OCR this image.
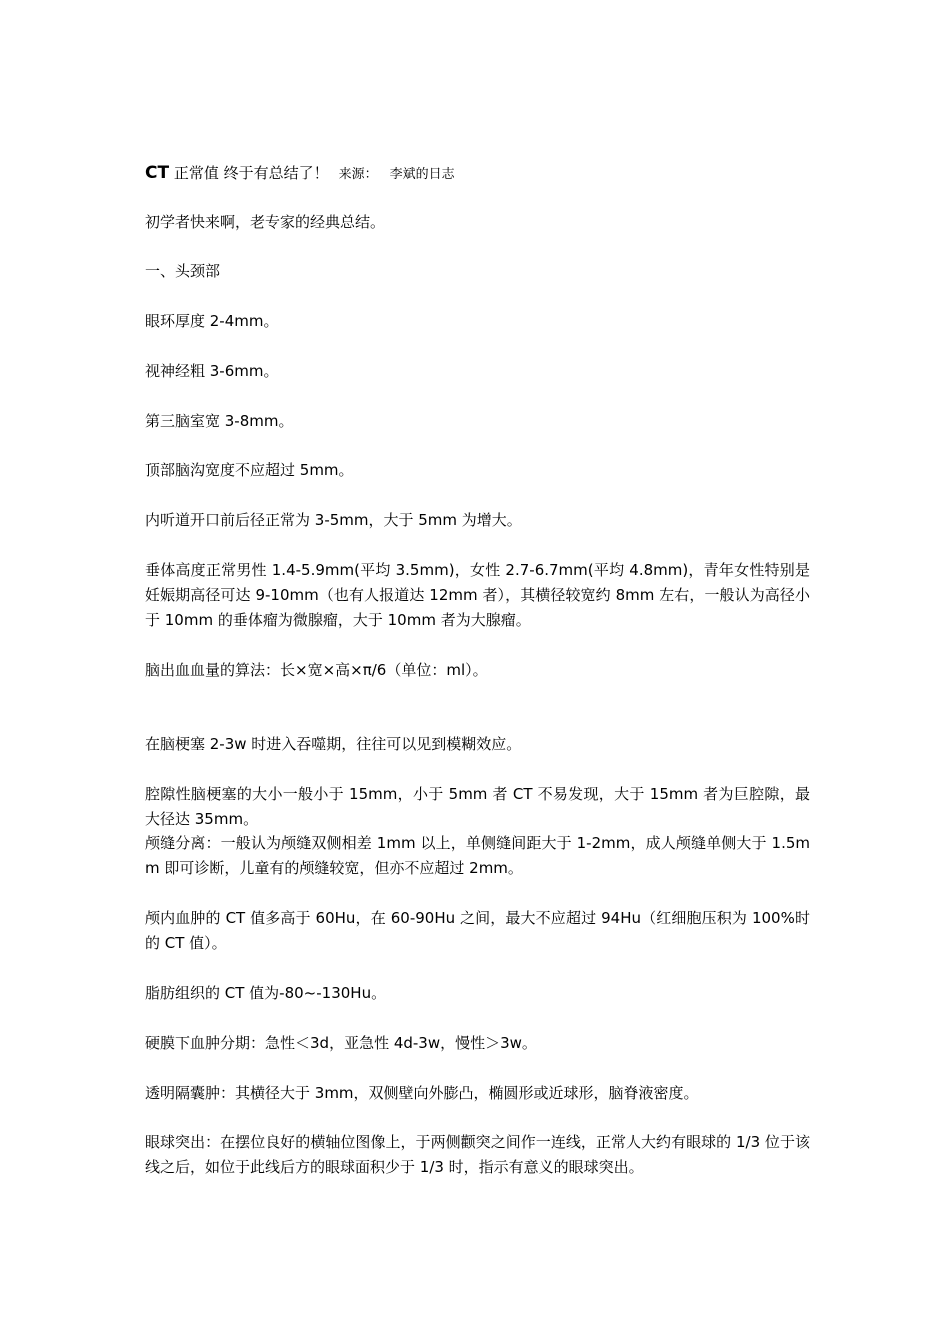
CT 正常值 终于有总结了！ 来源： 李斌的日志

初学者快来啊，老专家的经典总结。

一、头颈部

眼环厚度 2-4mm。

视神经粗 3-6mm。

第三脑室宽 3-8mm。

顶部脑沟宽度不应超过 5mm。

内听道开口前后径正常为 3-5mm，大于 5mm 为增大。

垂体高度正常男性 1.4-5.9mm(平均 3.5mm)，女性 2.7-6.7mm(平均 4.8mm)，青年女性特别是妊娠期高径可达 9-10mm（也有人报道达 12mm 者），其横径较宽约 8mm 左右，一般认为高径小于 10mm 的垂体瘤为微腺瘤，大于 10mm 者为大腺瘤。

脑出血血量的算法：长×宽×高×π/6（单位：ml）。

在脑梗塞 2-3w 时进入吞噬期，往往可以见到模糊效应。

腔隙性脑梗塞的大小一般小于 15mm，小于 5mm 者 CT 不易发现，大于 15mm 者为巨腔隙，最大径达 35mm。

颅缝分离：一般认为颅缝双侧相差 1mm 以上，单侧缝间距大于 1-2mm，成人颅缝单侧大于 1.5mm 即可诊断，儿童有的颅缝较宽，但亦不应超过 2mm。

颅内血肿的 CT 值多高于 60Hu，在 60-90Hu 之间，最大不应超过 94Hu（红细胞压积为 100%时的 CT 值）。

脂肪组织的 CT 值为-80~-130Hu。

硬膜下血肿分期：急性＜3d，亚急性 4d-3w，慢性＞3w。

透明隔囊肿：其横径大于 3mm，双侧壁向外膨凸，椭圆形或近球形，脑脊液密度。

眼球突出：在摆位良好的横轴位图像上，于两侧颧突之间作一连线，正常人大约有眼球的 1/3 位于该线之后，如位于此线后方的眼球面积少于 1/3 时，指示有意义的眼球突出。
